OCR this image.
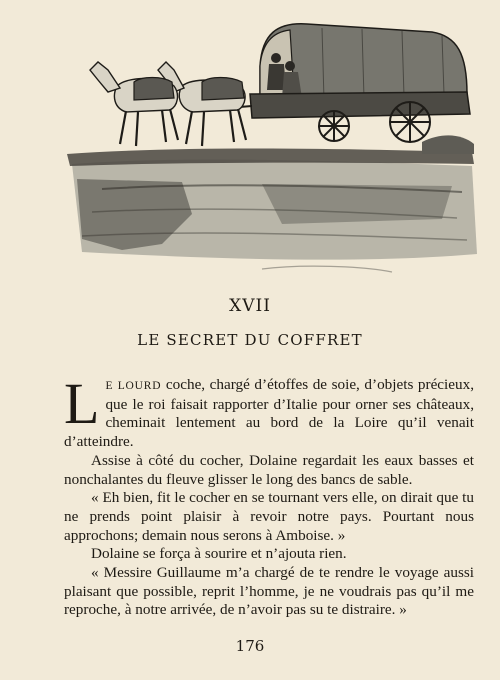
XVII
LE SECRET DU COFFRET

L E LOURD coche, chargé d’étoffes de soie, d’objets précieux, que le roi faisait rapporter d’Italie pour orner ses châteaux, cheminait lentement au bord de la Loire qu’il venait d’atteindre.

Assise à côté du cocher, Dolaine regardait les eaux basses et nonchalantes du fleuve glisser le long des bancs de sable.

« Eh bien, fit le cocher en se tournant vers elle, on dirait que tu ne prends point plaisir à revoir notre pays. Pourtant nous approchons; demain nous serons à Amboise. »

Dolaine se força à sourire et n’ajouta rien.

« Messire Guillaume m’a chargé de te rendre le voyage aussi plaisant que possible, reprit l’homme, je ne voudrais pas qu’il me reproche, à notre arrivée, de n’avoir pas su te distraire. »

176
